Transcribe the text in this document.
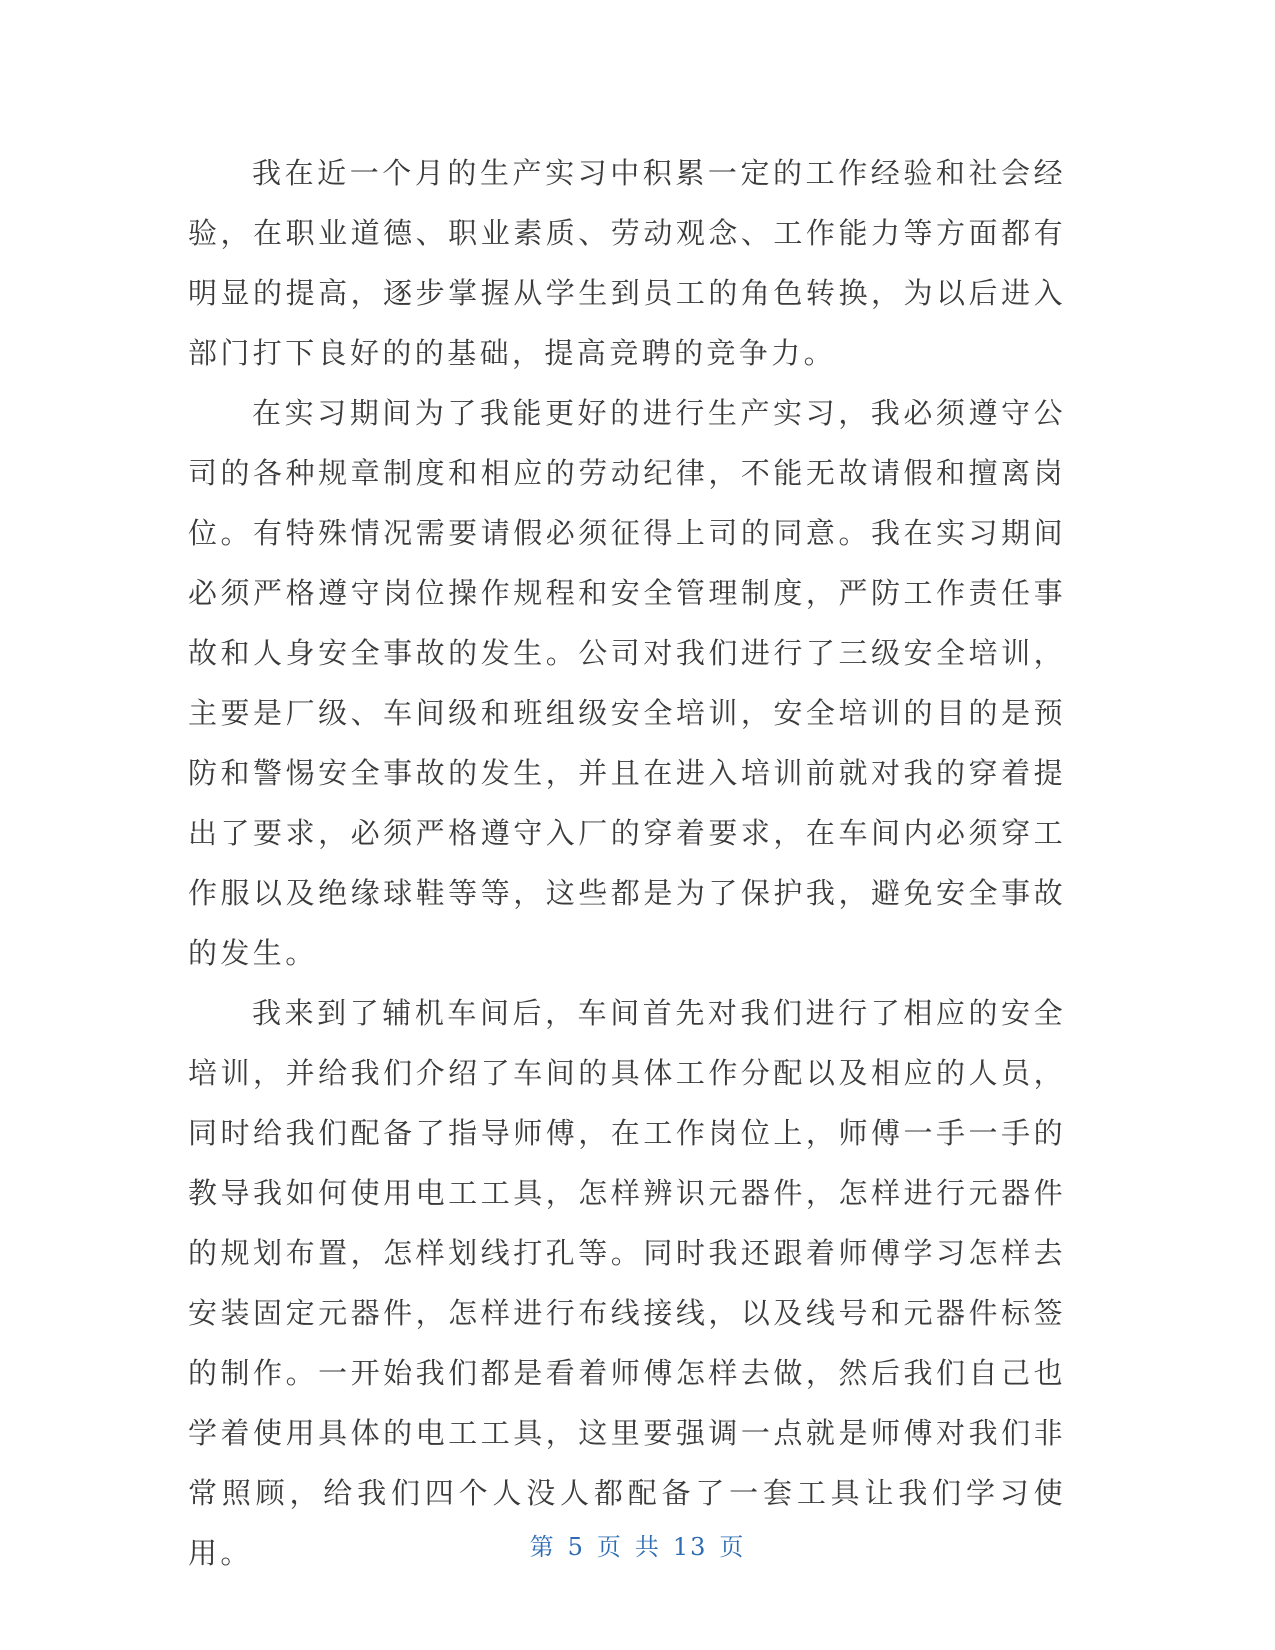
我在近一个月的生产实习中积累一定的工作经验和社会经验，在职业道德、职业素质、劳动观念、工作能力等方面都有明显的提高，逐步掌握从学生到员工的角色转换，为以后进入部门打下良好的的基础，提高竞聘的竞争力。

在实习期间为了我能更好的进行生产实习，我必须遵守公司的各种规章制度和相应的劳动纪律，不能无故请假和擅离岗位。有特殊情况需要请假必须征得上司的同意。我在实习期间必须严格遵守岗位操作规程和安全管理制度，严防工作责任事故和人身安全事故的发生。公司对我们进行了三级安全培训，主要是厂级、车间级和班组级安全培训，安全培训的目的是预防和警惕安全事故的发生，并且在进入培训前就对我的穿着提出了要求，必须严格遵守入厂的穿着要求，在车间内必须穿工作服以及绝缘球鞋等等，这些都是为了保护我，避免安全事故的发生。

我来到了辅机车间后，车间首先对我们进行了相应的安全培训，并给我们介绍了车间的具体工作分配以及相应的人员，同时给我们配备了指导师傅，在工作岗位上，师傅一手一手的教导我如何使用电工工具，怎样辨识元器件，怎样进行元器件的规划布置，怎样划线打孔等。同时我还跟着师傅学习怎样去安装固定元器件，怎样进行布线接线，以及线号和元器件标签的制作。一开始我们都是看着师傅怎样去做，然后我们自己也学着使用具体的电工工具，这里要强调一点就是师傅对我们非常照顾，给我们四个人没人都配备了一套工具让我们学习使用。	第 5 页 共 13 页
